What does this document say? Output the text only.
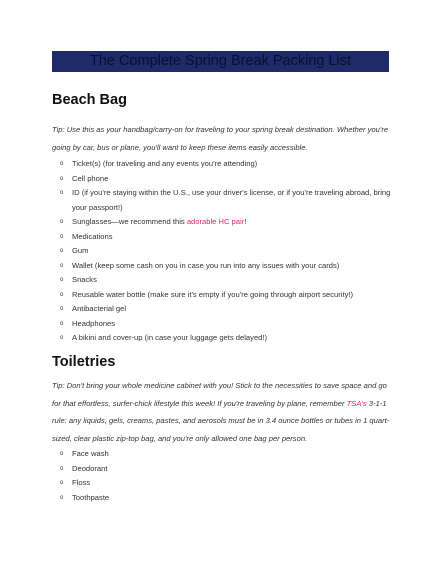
The Complete Spring Break Packing List
Beach Bag

Tip: Use this as your handbag/carry-on for traveling to your spring break destination. Whether you're going by car, bus or plane, you'll want to keep these items easily accessible.

o Ticket(s) (for traveling and any events you're attending)
o Cell phone
o ID (if you're staying within the U.S., use your driver's license, or if you're traveling abroad, bring your passport!)
o Sunglasses—we recommend this adorable HC pair!
o Medications
o Gum
o Wallet (keep some cash on you in case you run into any issues with your cards)
o Snacks
o Reusable water bottle (make sure it's empty if you're going through airport security!)
o Antibacterial gel
o Headphones
o A bikini and cover-up (in case your luggage gets delayed!)
Toiletries

Tip: Don't bring your whole medicine cabinet with you! Stick to the necessities to save space and go for that effortless, surfer-chick lifestyle this week! If you're traveling by plane, remember TSA's 3-1-1 rule: any liquids, gels, creams, pastes, and aerosols must be in 3.4 ounce bottles or tubes in 1 quart-sized, clear plastic zip-top bag, and you're only allowed one bag per person.

o Face wash
o Deodorant
o Floss
o Toothpaste
